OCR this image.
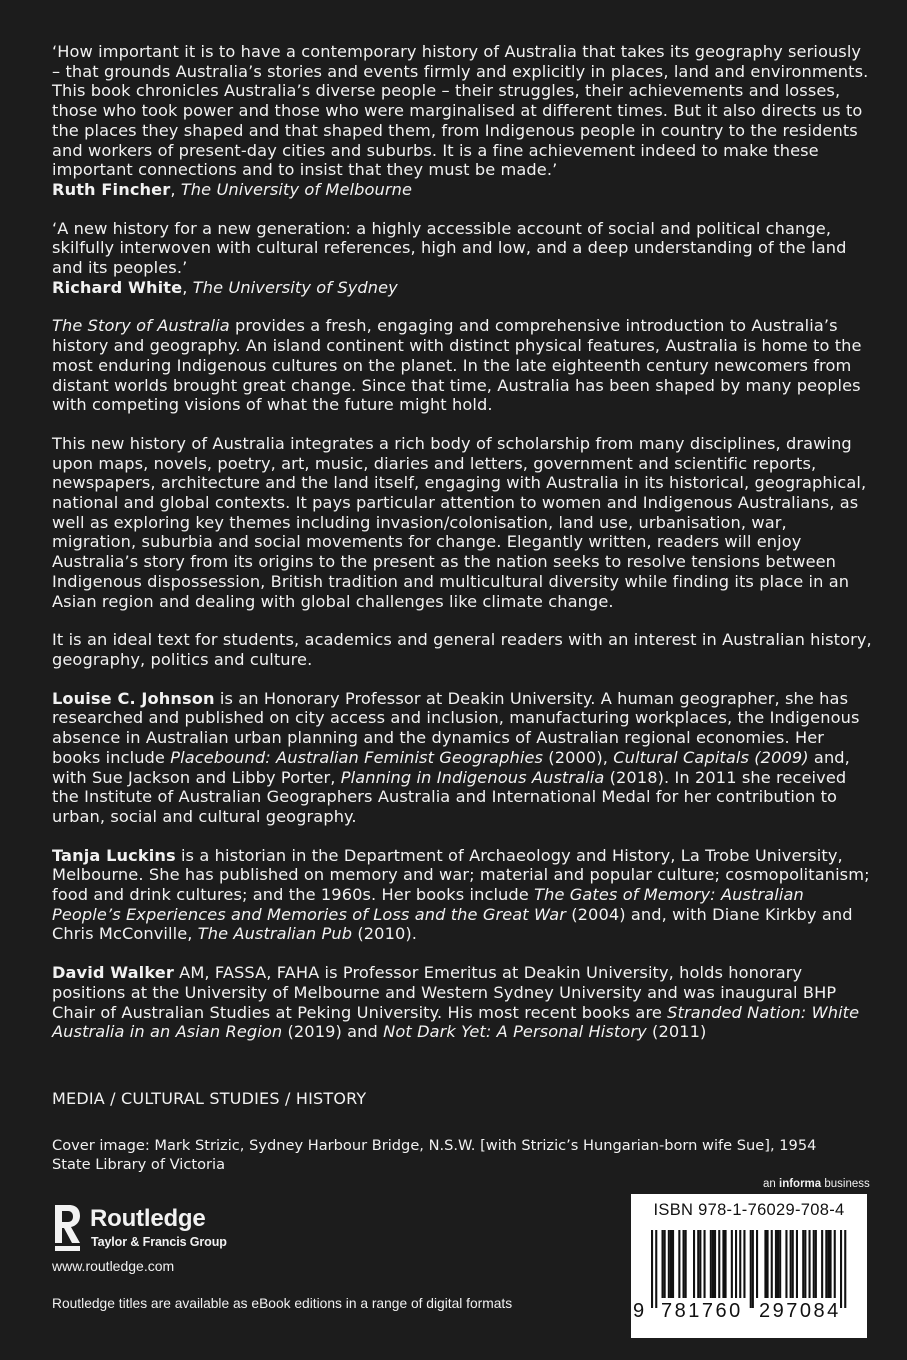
‘How important it is to have a contemporary history of Australia that takes its geography seriously – that grounds Australia’s stories and events firmly and explicitly in places, land and environments. This book chronicles Australia’s diverse people – their struggles, their achievements and losses, those who took power and those who were marginalised at different times. But it also directs us to the places they shaped and that shaped them, from Indigenous people in country to the residents and workers of present-day cities and suburbs. It is a fine achievement indeed to make these important connections and to insist that they must be made.’
Ruth Fincher, The University of Melbourne

‘A new history for a new generation: a highly accessible account of social and political change, skilfully interwoven with cultural references, high and low, and a deep understanding of the land and its peoples.’
Richard White, The University of Sydney

The Story of Australia provides a fresh, engaging and comprehensive introduction to Australia’s history and geography. An island continent with distinct physical features, Australia is home to the most enduring Indigenous cultures on the planet. In the late eighteenth century newcomers from distant worlds brought great change. Since that time, Australia has been shaped by many peoples with competing visions of what the future might hold.

This new history of Australia integrates a rich body of scholarship from many disciplines, drawing upon maps, novels, poetry, art, music, diaries and letters, government and scientific reports, newspapers, architecture and the land itself, engaging with Australia in its historical, geographical, national and global contexts. It pays particular attention to women and Indigenous Australians, as well as exploring key themes including invasion/colonisation, land use, urbanisation, war, migration, suburbia and social movements for change. Elegantly written, readers will enjoy Australia’s story from its origins to the present as the nation seeks to resolve tensions between Indigenous dispossession, British tradition and multicultural diversity while finding its place in an Asian region and dealing with global challenges like climate change.

It is an ideal text for students, academics and general readers with an interest in Australian history, geography, politics and culture.

Louise C. Johnson is an Honorary Professor at Deakin University. A human geographer, she has researched and published on city access and inclusion, manufacturing workplaces, the Indigenous absence in Australian urban planning and the dynamics of Australian regional economies. Her books include Placebound: Australian Feminist Geographies (2000), Cultural Capitals (2009) and, with Sue Jackson and Libby Porter, Planning in Indigenous Australia (2018). In 2011 she received the Institute of Australian Geographers Australia and International Medal for her contribution to urban, social and cultural geography.

Tanja Luckins is a historian in the Department of Archaeology and History, La Trobe University, Melbourne. She has published on memory and war; material and popular culture; cosmopolitanism; food and drink cultures; and the 1960s. Her books include The Gates of Memory: Australian People’s Experiences and Memories of Loss and the Great War (2004) and, with Diane Kirkby and Chris McConville, The Australian Pub (2010).

David Walker AM, FASSA, FAHA is Professor Emeritus at Deakin University, holds honorary positions at the University of Melbourne and Western Sydney University and was inaugural BHP Chair of Australian Studies at Peking University. His most recent books are Stranded Nation: White Australia in an Asian Region (2019) and Not Dark Yet: A Personal History (2011)

MEDIA / CULTURAL STUDIES / HISTORY
Cover image: Mark Strizic, Sydney Harbour Bridge, N.S.W. [with Strizic’s Hungarian-born wife Sue], 1954 State Library of Victoria
Routledge
Taylor & Francis Group
www.routledge.com
Routledge titles are available as eBook editions in a range of digital formats
an informa business
ISBN 978-1-76029-708-4
9 781760 297084
